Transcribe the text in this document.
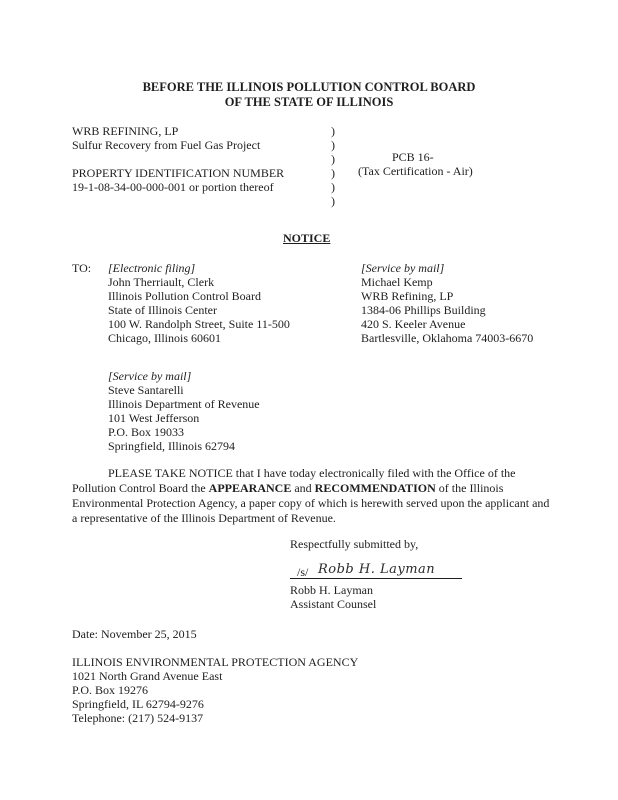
BEFORE THE ILLINOIS POLLUTION CONTROL BOARD
OF THE STATE OF ILLINOIS
WRB REFINING, LP
Sulfur Recovery from Fuel Gas Project

PROPERTY IDENTIFICATION NUMBER
19-1-08-34-00-000-001 or portion thereof
)
)
)
)
)
)
PCB 16-
(Tax Certification - Air)
NOTICE
TO: [Electronic filing]
John Therriault, Clerk
Illinois Pollution Control Board
State of Illinois Center
100 W. Randolph Street, Suite 11-500
Chicago, Illinois 60601
[Service by mail]
Michael Kemp
WRB Refining, LP
1384-06 Phillips Building
420 S. Keeler Avenue
Bartlesville, Oklahoma 74003-6670
[Service by mail]
Steve Santarelli
Illinois Department of Revenue
101 West Jefferson
P.O. Box 19033
Springfield, Illinois 62794
PLEASE TAKE NOTICE that I have today electronically filed with the Office of the Pollution Control Board the APPEARANCE and RECOMMENDATION of the Illinois Environmental Protection Agency, a paper copy of which is herewith served upon the applicant and a representative of the Illinois Department of Revenue.
Respectfully submitted by,
/s/ Robb H. Layman
Robb H. Layman
Assistant Counsel
Date: November 25, 2015
ILLINOIS ENVIRONMENTAL PROTECTION AGENCY
1021 North Grand Avenue East
P.O. Box 19276
Springfield, IL 62794-9276
Telephone: (217) 524-9137
